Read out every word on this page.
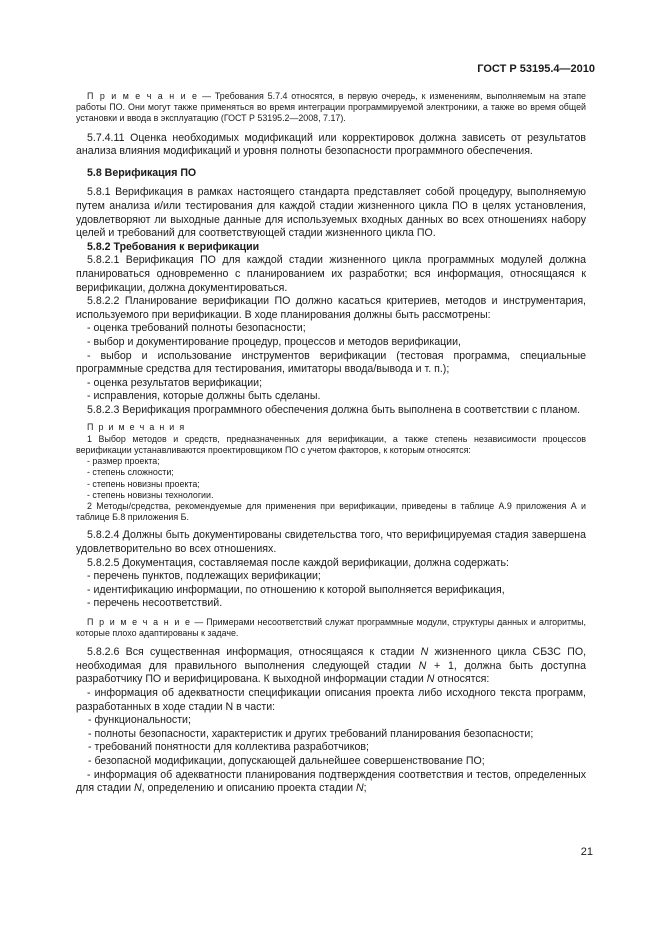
ГОСТ Р 53195.4—2010

П р и м е ч а н и е — Требования 5.7.4 относятся, в первую очередь, к изменениям, выполняемым на этапе работы ПО. Они могут также применяться во время интеграции программируемой электроники, а также во время общей установки и ввода в эксплуатацию (ГОСТ Р 53195.2—2008, 7.17).

5.7.4.11 Оценка необходимых модификаций или корректировок должна зависеть от результатов анализа влияния модификаций и уровня полноты безопасности программного обеспечения.

5.8 Верификация ПО

5.8.1 Верификация в рамках настоящего стандарта представляет собой процедуру, выполняемую путем анализа и/или тестирования для каждой стадии жизненного цикла ПО в целях установления, удовлетворяют ли выходные данные для используемых входных данных во всех отношениях набору целей и требований для соответствующей стадии жизненного цикла ПО.

5.8.2 Требования к верификации

5.8.2.1 Верификация ПО для каждой стадии жизненного цикла программных модулей должна планироваться одновременно с планированием их разработки; вся информация, относящаяся к верификации, должна документироваться.

5.8.2.2 Планирование верификации ПО должно касаться критериев, методов и инструментария, используемого при верификации. В ходе планирования должны быть рассмотрены:

- оценка требований полноты безопасности;

- выбор и документирование процедур, процессов и методов верификации,

- выбор и использование инструментов верификации (тестовая программа, специальные программные средства для тестирования, имитаторы ввода/вывода и т. п.);

- оценка результатов верификации;

- исправления, которые должны быть сделаны.

5.8.2.3 Верификация программного обеспечения должна быть выполнена в соответствии с планом.

П р и м е ч а н и я

1 Выбор методов и средств, предназначенных для верификации, а также степень независимости процессов верификации устанавливаются проектировщиком ПО с учетом факторов, к которым относятся:

- размер проекта;

- степень сложности;

- степень новизны проекта;

- степень новизны технологии.

2 Методы/средства, рекомендуемые для применения при верификации, приведены в таблице А.9 приложения А и таблице Б.8 приложения Б.

5.8.2.4 Должны быть документированы свидетельства того, что верифицируемая стадия завершена удовлетворительно во всех отношениях.

5.8.2.5 Документация, составляемая после каждой верификации, должна содержать:

- перечень пунктов, подлежащих верификации;

- идентификацию информации, по отношению к которой выполняется верификация,

- перечень несоответствий.

П р и м е ч а н и е — Примерами несоответствий служат программные модули, структуры данных и алгоритмы, которые плохо адаптированы к задаче.

5.8.2.6 Вся существенная информация, относящаяся к стадии N жизненного цикла СБЗС ПО, необходимая для правильного выполнения следующей стадии N + 1, должна быть доступна разработчику ПО и верифицирована. К выходной информации стадии N относятся:

- информация об адекватности спецификации описания проекта либо исходного текста программ, разработанных в ходе стадии N в части:

- функциональности;

- полноты безопасности, характеристик и других требований планирования безопасности;

- требований понятности для коллектива разработчиков;

- безопасной модификации, допускающей дальнейшее совершенствование ПО;

- информация об адекватности планирования подтверждения соответствия и тестов, определенных для стадии N, определению и описанию проекта стадии N;

21
